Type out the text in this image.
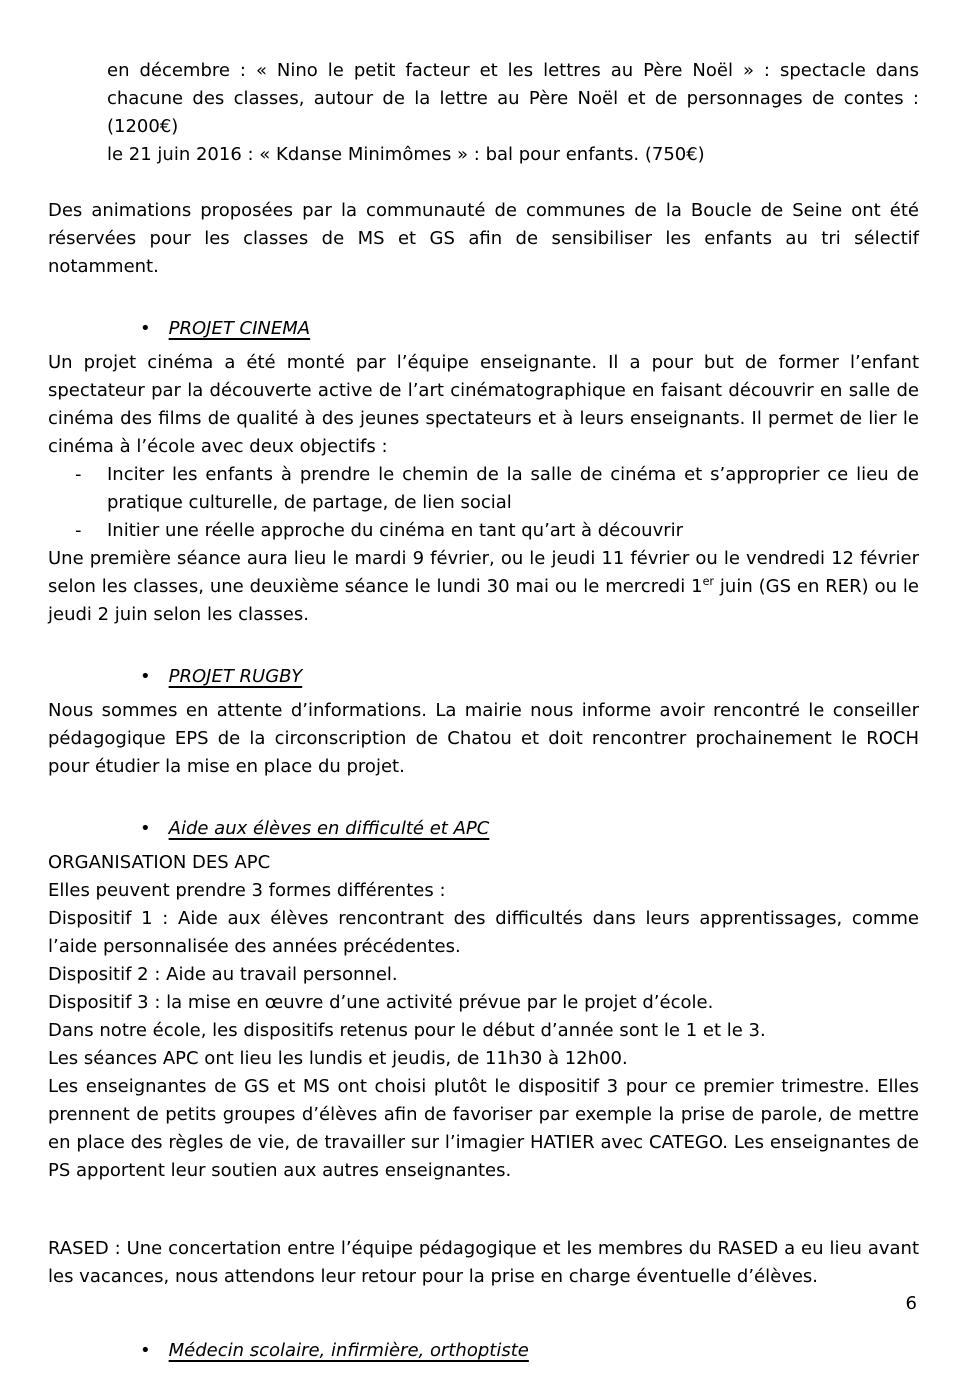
en décembre : « Nino le petit facteur et les lettres au Père Noël » : spectacle dans chacune des classes, autour de la lettre au Père Noël et de personnages de contes : (1200€)

le 21 juin 2016 : « Kdanse Minimômes » : bal pour enfants. (750€)

Des animations proposées par la communauté de communes de la Boucle de Seine ont été réservées pour les classes de MS et GS afin de sensibiliser les enfants au tri sélectif notamment.

• PROJET CINEMA

Un projet cinéma a été monté par l’équipe enseignante. Il a pour but de former l’enfant spectateur par la découverte active de l’art cinématographique en faisant découvrir en salle de cinéma des films de qualité à des jeunes spectateurs et à leurs enseignants. Il permet de lier le cinéma à l’école avec deux objectifs :

- Inciter les enfants à prendre le chemin de la salle de cinéma et s’approprier ce lieu de pratique culturelle, de partage, de lien social
- Initier une réelle approche du cinéma en tant qu’art à découvrir

Une première séance aura lieu le mardi 9 février, ou le jeudi 11 février ou le vendredi 12 février selon les classes, une deuxième séance le lundi 30 mai ou le mercredi 1er juin (GS en RER) ou le jeudi 2 juin selon les classes.

• PROJET RUGBY

Nous sommes en attente d’informations. La mairie nous informe avoir rencontré le conseiller pédagogique EPS de la circonscription de Chatou et doit rencontrer prochainement le ROCH pour étudier la mise en place du projet.

• Aide aux élèves en difficulté et APC

ORGANISATION DES APC

Elles peuvent prendre 3 formes différentes :

Dispositif 1 : Aide aux élèves rencontrant des difficultés dans leurs apprentissages, comme l’aide personnalisée des années précédentes.

Dispositif 2 : Aide au travail personnel.

Dispositif 3 : la mise en œuvre d’une activité prévue par le projet d’école.

Dans notre école, les dispositifs retenus pour le début d’année sont le 1 et le 3.

Les séances APC ont lieu les lundis et jeudis, de 11h30 à 12h00.

Les enseignantes de GS et MS ont choisi plutôt le dispositif 3 pour ce premier trimestre. Elles prennent de petits groupes d’élèves afin de favoriser par exemple la prise de parole, de mettre en place des règles de vie, de travailler sur l’imagier HATIER avec CATEGO. Les enseignantes de PS apportent leur soutien aux autres enseignantes.

RASED : Une concertation entre l’équipe pédagogique et les membres du RASED a eu lieu avant les vacances, nous attendons leur retour pour la prise en charge éventuelle d’élèves.

• Médecin scolaire, infirmière, orthoptiste
6
